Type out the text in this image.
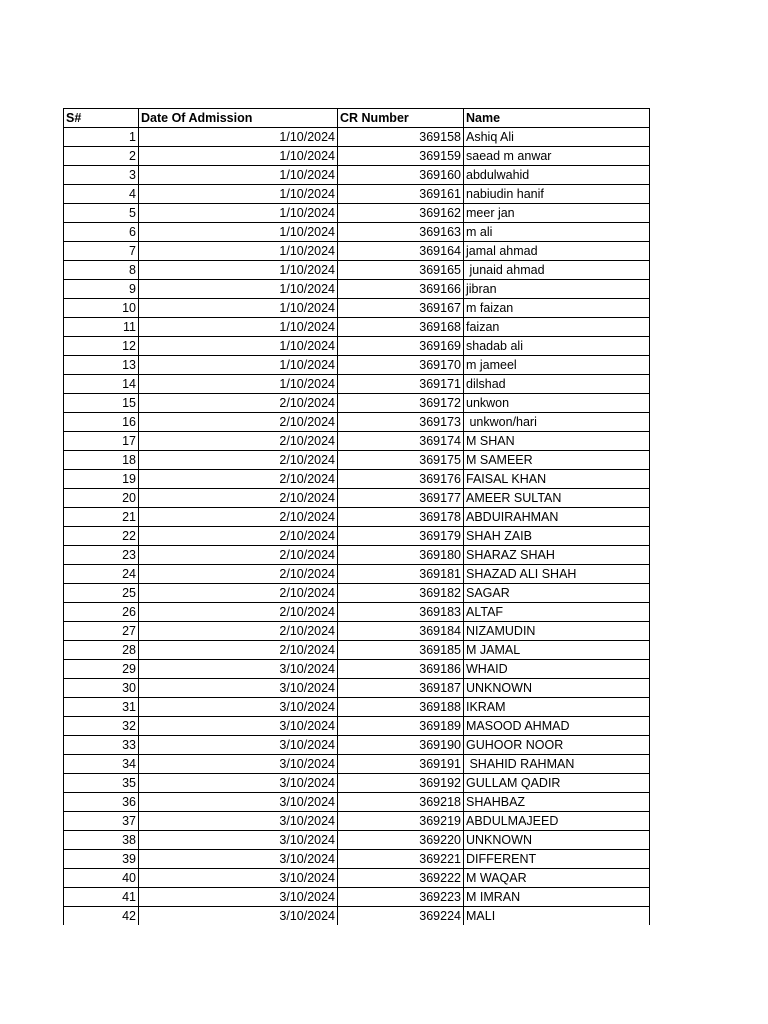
S#	Date Of Admission	CR Number	Name
1	1/10/2024	369158	Ashiq Ali
2	1/10/2024	369159	saead m anwar
3	1/10/2024	369160	abdulwahid
4	1/10/2024	369161	nabiudin hanif
5	1/10/2024	369162	meer jan
6	1/10/2024	369163	m ali
7	1/10/2024	369164	jamal ahmad
8	1/10/2024	369165	junaid ahmad
9	1/10/2024	369166	jibran
10	1/10/2024	369167	m faizan
11	1/10/2024	369168	faizan
12	1/10/2024	369169	shadab ali
13	1/10/2024	369170	m jameel
14	1/10/2024	369171	dilshad
15	2/10/2024	369172	unkwon
16	2/10/2024	369173	unkwon/hari
17	2/10/2024	369174	M SHAN
18	2/10/2024	369175	M SAMEER
19	2/10/2024	369176	FAISAL KHAN
20	2/10/2024	369177	AMEER SULTAN
21	2/10/2024	369178	ABDUIRAHMAN
22	2/10/2024	369179	SHAH ZAIB
23	2/10/2024	369180	SHARAZ SHAH
24	2/10/2024	369181	SHAZAD ALI SHAH
25	2/10/2024	369182	SAGAR
26	2/10/2024	369183	ALTAF
27	2/10/2024	369184	NIZAMUDIN
28	2/10/2024	369185	M JAMAL
29	3/10/2024	369186	WHAID
30	3/10/2024	369187	UNKNOWN
31	3/10/2024	369188	IKRAM
32	3/10/2024	369189	MASOOD AHMAD
33	3/10/2024	369190	GUHOOR NOOR
34	3/10/2024	369191	SHAHID RAHMAN
35	3/10/2024	369192	GULLAM QADIR
36	3/10/2024	369218	SHAHBAZ
37	3/10/2024	369219	ABDULMAJEED
38	3/10/2024	369220	UNKNOWN
39	3/10/2024	369221	DIFFERENT
40	3/10/2024	369222	M WAQAR
41	3/10/2024	369223	M IMRAN
42	3/10/2024	369224	MALI
